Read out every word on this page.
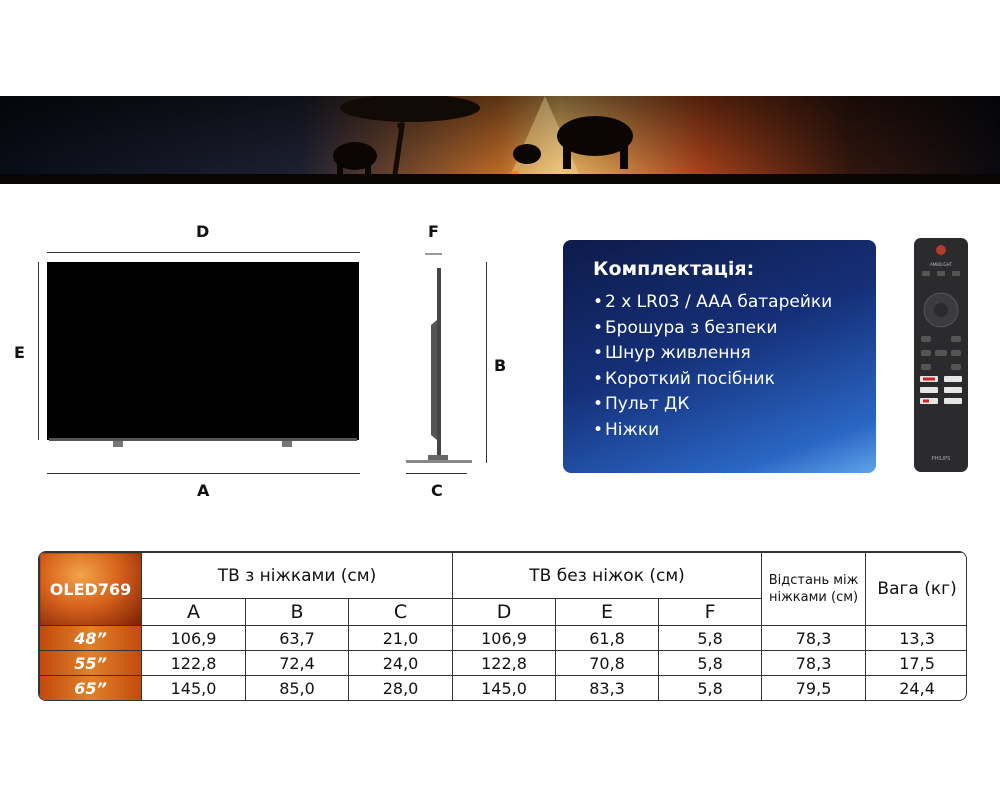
D
E
A
F
B
C
Комплектація:
• 2 x LR03 / AAA батарейки
• Брошура з безпеки
• Шнур живлення
• Короткий посібник
• Пульт ДК
• Ніжки
AMBILIGHT
PHILIPS
OLED769	ТВ з ніжками (см)			ТВ без ніжок (см)			Відстань між ніжками (см)	Вага (кг)
	A	B	C	D	E	F		
48”	106,9	63,7	21,0	106,9	61,8	5,8	78,3	13,3
55”	122,8	72,4	24,0	122,8	70,8	5,8	78,3	17,5
65”	145,0	85,0	28,0	145,0	83,3	5,8	79,5	24,4
